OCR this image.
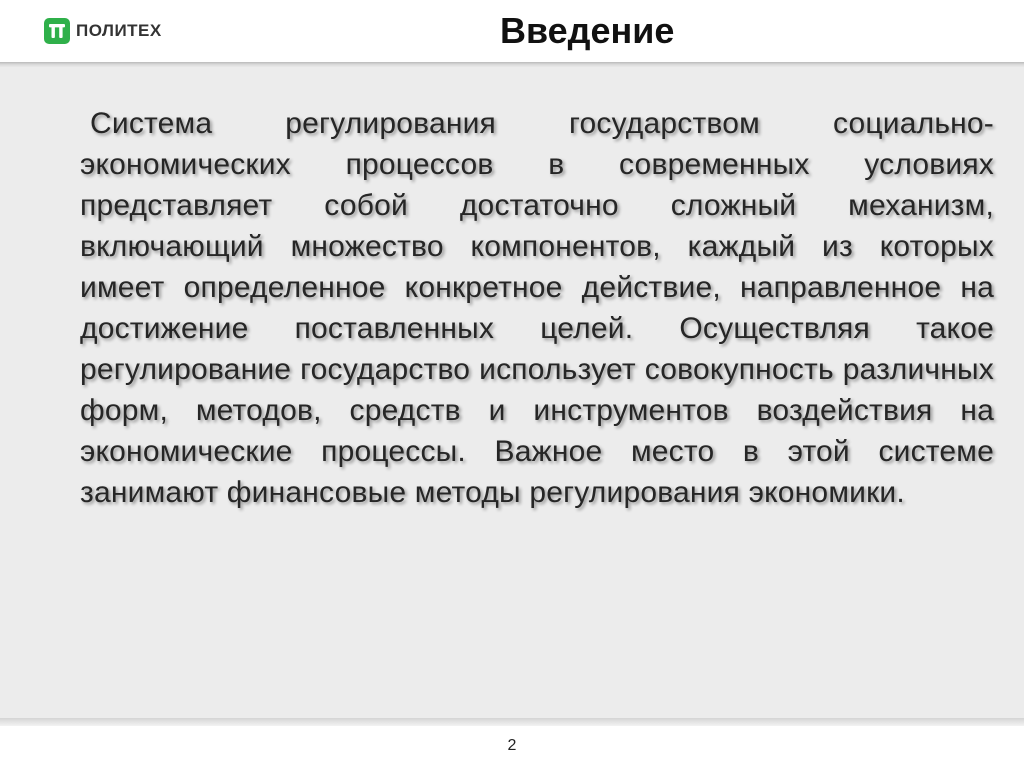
ПОЛИТЕХ	Введение

Система регулирования государством социально-экономических процессов в современных условиях представляет собой достаточно сложный механизм, включающий множество компонентов, каждый из которых имеет определенное конкретное действие, направленное на достижение поставленных целей. Осуществляя такое регулирование государство использует совокупность различных форм, методов, средств и инструментов воздействия на экономические процессы. Важное место в этой системе занимают финансовые методы регулирования экономики.

2
